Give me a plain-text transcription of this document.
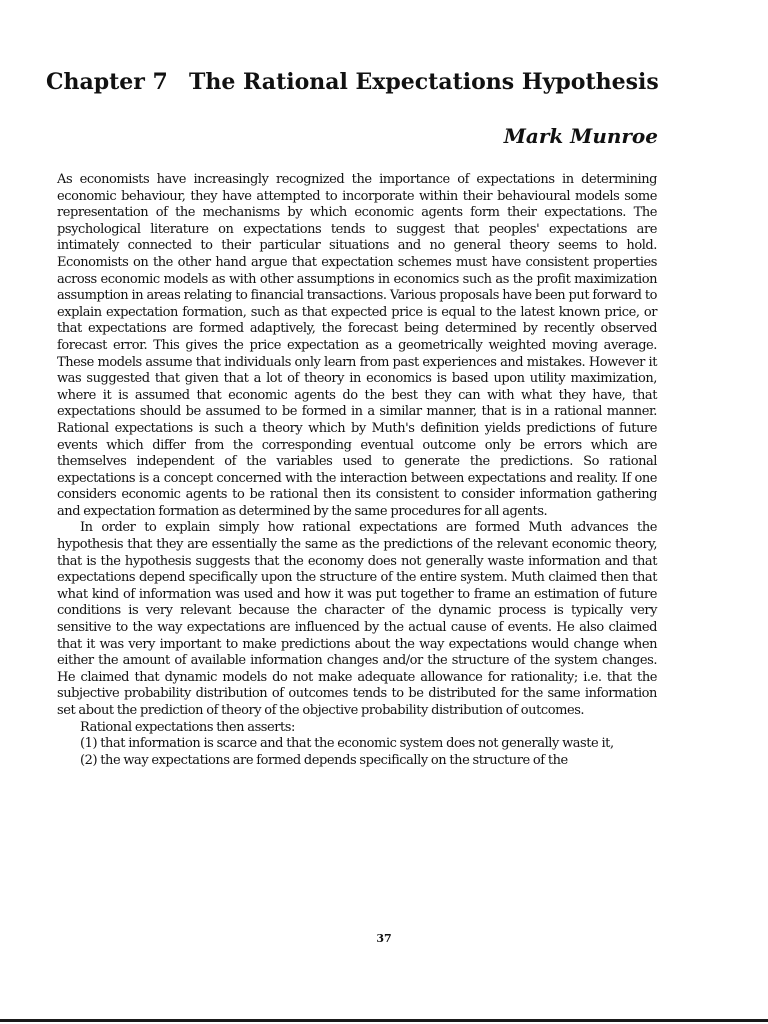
Chapter 7 The Rational Expectations Hypothesis
Mark Munroe

As economists have increasingly recognized the importance of expectations in determining economic behaviour, they have attempted to incorporate within their behavioural models some representation of the mechanisms by which economic agents form their expectations. The psychological literature on expectations tends to suggest that peoples' expectations are intimately connected to their particular situations and no general theory seems to hold. Economists on the other hand argue that expectation schemes must have consistent properties across economic models as with other assumptions in economics such as the profit maximization assumption in areas relating to financial transactions. Various proposals have been put forward to explain expectation formation, such as that expected price is equal to the latest known price, or that expectations are formed adaptively, the forecast being determined by recently observed forecast error. This gives the price expectation as a geometrically weighted moving average. These models assume that individuals only learn from past experiences and mistakes. However it was suggested that given that a lot of theory in economics is based upon utility maximization, where it is assumed that economic agents do the best they can with what they have, that expectations should be assumed to be formed in a similar manner, that is in a rational manner. Rational expectations is such a theory which by Muth's definition yields predictions of future events which differ from the corresponding eventual outcome only be errors which are themselves independent of the variables used to generate the predictions. So rational expectations is a concept concerned with the interaction between expectations and reality. If one considers economic agents to be rational then its consistent to consider information gathering and expectation formation as determined by the same procedures for all agents.

In order to explain simply how rational expectations are formed Muth advances the hypothesis that they are essentially the same as the predictions of the relevant economic theory, that is the hypothesis suggests that the economy does not generally waste information and that expectations depend specifically upon the structure of the entire system. Muth claimed then that what kind of information was used and how it was put together to frame an estimation of future conditions is very relevant because the character of the dynamic process is typically very sensitive to the way expectations are influenced by the actual cause of events. He also claimed that it was very important to make predictions about the way expectations would change when either the amount of available information changes and/or the structure of the system changes. He claimed that dynamic models do not make adequate allowance for rationality; i.e. that the subjective probability distribution of outcomes tends to be distributed for the same information set about the prediction of theory of the objective probability distribution of outcomes.

Rational expectations then asserts:

(1) that information is scarce and that the economic system does not generally waste it,

(2) the way expectations are formed depends specifically on the structure of the

37
